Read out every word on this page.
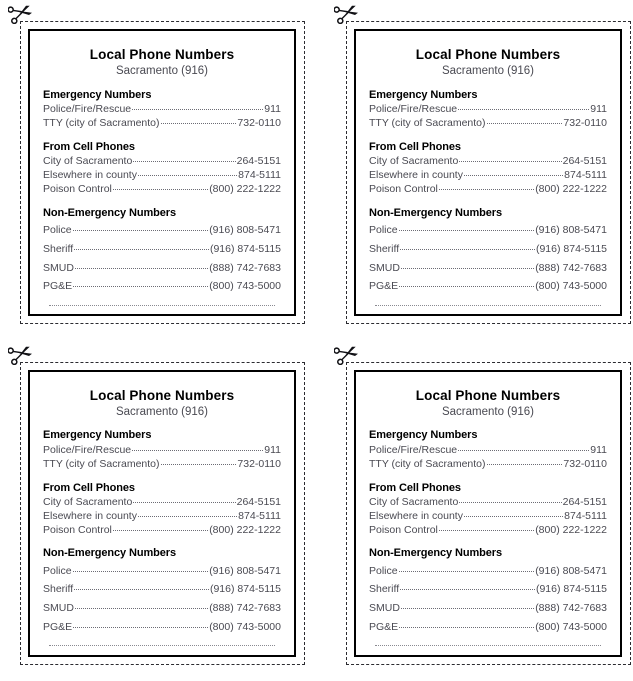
Local Phone Numbers
Sacramento (916)
Emergency Numbers
Police/Fire/Rescue	911
TTY (city of Sacramento)	732-0110
From Cell Phones
City of Sacramento	264-5151
Elsewhere in county	874-5111
Poison Control	(800) 222-1222
Non-Emergency Numbers
Police	(916) 808-5471
Sheriff	(916) 874-5115
SMUD	(888) 742-7683
PG&E	(800) 743-5000
Local Phone Numbers
Sacramento (916)
Emergency Numbers
Police/Fire/Rescue	911
TTY (city of Sacramento)	732-0110
From Cell Phones
City of Sacramento	264-5151
Elsewhere in county	874-5111
Poison Control	(800) 222-1222
Non-Emergency Numbers
Police	(916) 808-5471
Sheriff	(916) 874-5115
SMUD	(888) 742-7683
PG&E	(800) 743-5000
Local Phone Numbers
Sacramento (916)
Emergency Numbers
Police/Fire/Rescue	911
TTY (city of Sacramento)	732-0110
From Cell Phones
City of Sacramento	264-5151
Elsewhere in county	874-5111
Poison Control	(800) 222-1222
Non-Emergency Numbers
Police	(916) 808-5471
Sheriff	(916) 874-5115
SMUD	(888) 742-7683
PG&E	(800) 743-5000
Local Phone Numbers
Sacramento (916)
Emergency Numbers
Police/Fire/Rescue	911
TTY (city of Sacramento)	732-0110
From Cell Phones
City of Sacramento	264-5151
Elsewhere in county	874-5111
Poison Control	(800) 222-1222
Non-Emergency Numbers
Police	(916) 808-5471
Sheriff	(916) 874-5115
SMUD	(888) 742-7683
PG&E	(800) 743-5000
